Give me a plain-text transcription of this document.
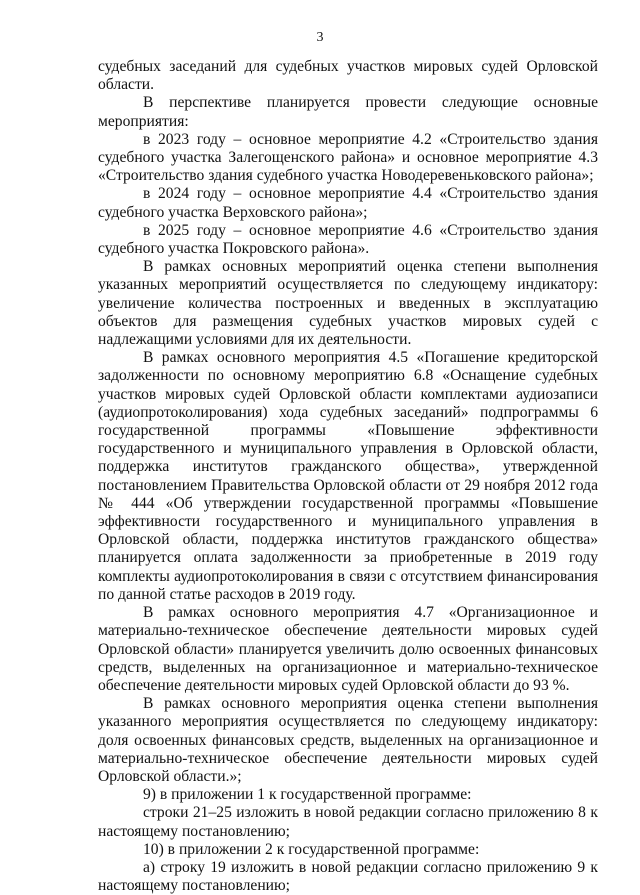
3

судебных заседаний для судебных участков мировых судей Орловской области.

В перспективе планируется провести следующие основные мероприятия:

в 2023 году – основное мероприятие 4.2 «Строительство здания судебного участка Залегощенского района» и основное мероприятие 4.3 «Строительство здания судебного участка Новодеревеньковского района»;

в 2024 году – основное мероприятие 4.4 «Строительство здания судебного участка Верховского района»;

в 2025 году – основное мероприятие 4.6 «Строительство здания судебного участка Покровского района».

В рамках основных мероприятий оценка степени выполнения указанных мероприятий осуществляется по следующему индикатору: увеличение количества построенных и введенных в эксплуатацию объектов для размещения судебных участков мировых судей с надлежащими условиями для их деятельности.

В рамках основного мероприятия 4.5 «Погашение кредиторской задолженности по основному мероприятию 6.8 «Оснащение судебных участков мировых судей Орловской области комплектами аудиозаписи (аудиопротоколирования) хода судебных заседаний» подпрограммы 6 государственной программы «Повышение эффективности государственного и муниципального управления в Орловской области, поддержка институтов гражданского общества», утвержденной постановлением Правительства Орловской области от 29 ноября 2012 года № 444 «Об утверждении государственной программы «Повышение эффективности государственного и муниципального управления в Орловской области, поддержка институтов гражданского общества» планируется оплата задолженности за приобретенные в 2019 году комплекты аудиопротоколирования в связи с отсутствием финансирования по данной статье расходов в 2019 году.

В рамках основного мероприятия 4.7 «Организационное и материально-техническое обеспечение деятельности мировых судей Орловской области» планируется увеличить долю освоенных финансовых средств, выделенных на организационное и материально-техническое обеспечение деятельности мировых судей Орловской области до 93 %.

В рамках основного мероприятия оценка степени выполнения указанного мероприятия осуществляется по следующему индикатору: доля освоенных финансовых средств, выделенных на организационное и материально-техническое обеспечение деятельности мировых судей Орловской области.»;

9) в приложении 1 к государственной программе:

строки 21–25 изложить в новой редакции согласно приложению 8 к настоящему постановлению;

10) в приложении 2 к государственной программе:

а) строку 19 изложить в новой редакции согласно приложению 9 к настоящему постановлению;
